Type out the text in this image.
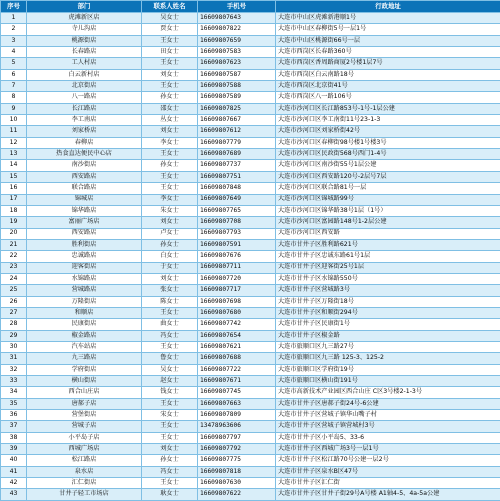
序号	部门	联系人姓名	手机号	行政地址
1	虎滩新区店	吴女士	16609807643	大连市中山区虎滩新港顺1号
2	寺儿沟店	贾女士	16609807822	大连市中山区春柳街5号一层1号
3	桃源街店	王女士	16609807659	大连市中山区桃源街66号一层
4	长春路店	田女士	16609807583	大连市西岗区长春路360号
5	工人村店	王女士	16609807623	大连市西岗区香周路商厦2号楼1层7号
6	白云新村店	刘女士	16609807587	大连市西岗区白云南路18号
7	北京街店	王女士	16609807588	大连市西岗区北京街41号
8	八一路店	孙女士	16609807589	大连市西岗区八一路106号
9	长江路店	邵女士	16609807825	大连市沙河口区长江路853号-1号-1层公建
10	李工南店	丛女士	16609807667	大连市沙河口区李工南街11号23-1-3
11	刘家桥店	刘女士	16609807612	大连市沙河口区刘家桥街42号
12	春柳店	李女士	16609807779	大连市沙河口区春柳街98号楼1号楼3号
13	热食直达便民中心店	王女士	16609807689	大连市沙河口区民政街568号西门1-4号
14	南沙街店	孙女士	16609807737	大连市沙河口区南沙街55号1层公建
15	西安路店	王女士	16609807751	大连市沙河口区西安路120号-2层号7层
16	联合路店	王女士	16609807848	大连市沙河口区联合路81号一层
17	锦城店	李女士	16609807649	大连市沙河口区锦城路99号
18	锦华路店	朱女士	16609807765	大连市沙河口区锦华路38号1层（1号）
19	富丽广场店	刘女士	16609807708	大连市沙河口区富园路148号1-2层公建
20	西安路店	卢女士	16609807793	大连市沙河口区西安路
21	胜利街店	孙女士	16609807591	大连市甘井子区胜利路621号
22	忠诚路店	白女士	16609807676	大连市甘井子区忠诚东路61号1层
23	迎客街店	于女士	16609807711	大连市甘井子区迎客街25号1层
24	水锦路店	刘女士	16609807720	大连市甘井子区水锦路550号
25	营城路店	张女士	16609807717	大连市甘井子区营城路3号
26	万隆街店	陈女士	16609807698	大连市甘井子区万隆街18号
27	和顺店	王女士	16609807680	大连市甘井子区和顺街294号
28	民康街店	曲女士	16609807742	大连市甘井子区民康街1号
29	椒金路店	冯女士	16609807654	大连市甘井子区椒金路
30	汽车站店	王女士	16609807621	大连市旅顺口区九三路27号
31	九三路店	鲁女士	16609807688	大连市旅顺口区九三路 125-3、125-2
32	学府街店	吴女士	16609807722	大连市旅顺口区学府街19号
33	横山街店	赵女士	16609807671	大连市旅顺口区横山街191号
34	西合山庄店	钱女士	16609807745	大连市高新技术产业园区西合山庄 C区3号楼2-1-3号
35	唐郝子店	王女士	16609807663	大连市甘井子区唐郝子街24号-6公建
36	营堡街店	宋女士	16609807809	大连市甘井子区营城子镇华山嘴子村
37	营城子店	王女士	13478963606	大连市甘井子区营城子镇营城村3号
38	小平岛子店	王女士	16609807797	大连市甘井子区小平岛5、33-6
39	西城广场店	刘女士	16609807792	大连市甘井子区西城广场3号一层1号
40	松江路店	孙女士	16609807775	大连市甘井子区松江路70号公建一层2号
41	泉水店	冯女士	16609807818	大连市甘井子区泉水B区47号
42	汇仁街店	王女士	16609807630	大连市甘井子区汇仁街
43	甘井子轻工市场店	耿女士	16609807622	大连市甘井子区甘井子街29号A号楼 A1轴4-5、4a-5a公建
